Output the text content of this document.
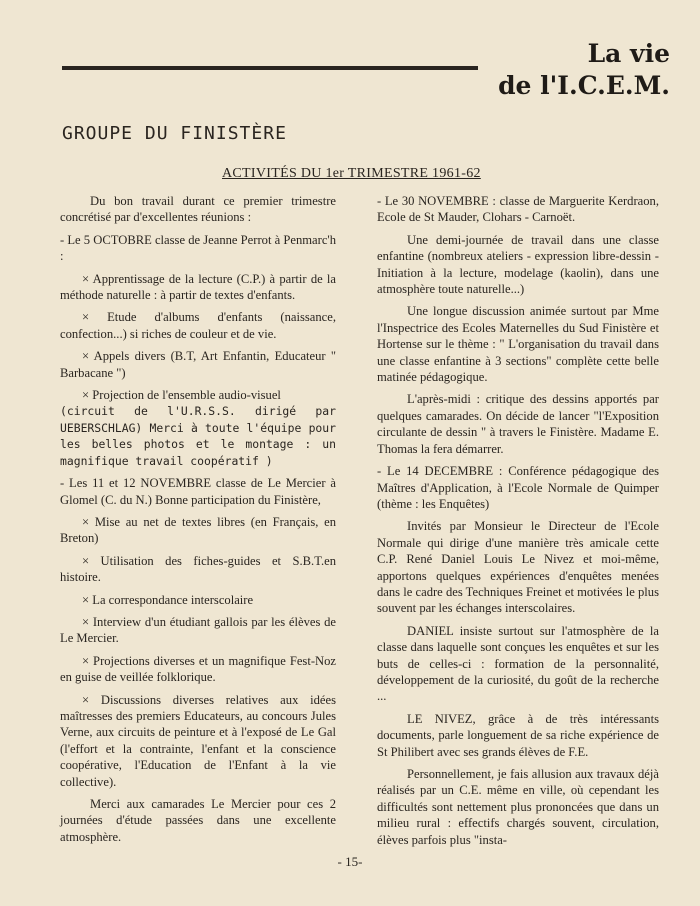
La vie
de l'I.C.E.M.
GROUPE DU FINISTÈRE
ACTIVITÉS DU 1er TRIMESTRE 1961-62

Du bon travail durant ce premier trimestre concrétisé par d'excellentes réunions :

- Le 5 OCTOBRE classe de Jeanne Perrot à Penmarc'h :

× Apprentissage de la lecture (C.P.) à partir de la méthode naturelle : à partir de textes d'enfants.

× Etude d'albums d'enfants (naissance, confection...) si riches de couleur et de vie.

× Appels divers (B.T, Art Enfantin, Educateur " Barbacane ")

× Projection de l'ensemble audio-visuel

(circuit de l'U.R.S.S. dirigé par UEBERSCHLAG) Merci à toute l'équipe pour les belles photos et le montage : un magnifique travail coopératif )

- Les 11 et 12 NOVEMBRE classe de Le Mercier à Glomel (C. du N.) Bonne participation du Finistère,

× Mise au net de textes libres (en Français, en Breton)

× Utilisation des fiches-guides et S.B.T.en histoire.

× La correspondance interscolaire

× Interview d'un étudiant gallois par les élèves de Le Mercier.

× Projections diverses et un magnifique Fest-Noz en guise de veillée folklorique.

× Discussions diverses relatives aux idées maîtresses des premiers Educateurs, au concours Jules Verne, aux circuits de peinture et à l'exposé de Le Gal (l'effort et la contrainte, l'enfant et la conscience coopérative, l'Education de l'Enfant à la vie collective).

Merci aux camarades Le Mercier pour ces 2 journées d'étude passées dans une excellente atmosphère.

- Le 30 NOVEMBRE : classe de Marguerite Kerdraon, Ecole de St Mauder, Clohars - Carnoët.

Une demi-journée de travail dans une classe enfantine (nombreux ateliers - expression libre-dessin - Initiation à la lecture, modelage (kaolin), dans une atmosphère toute naturelle...)

Une longue discussion animée surtout par Mme l'Inspectrice des Ecoles Maternelles du Sud Finistère et Hortense sur le thème : " L'organisation du travail dans une classe enfantine à 3 sections" complète cette belle matinée pédagogique.

L'après-midi : critique des dessins apportés par quelques camarades. On décide de lancer "l'Exposition circulante de dessin " à travers le Finistère. Madame E. Thomas la fera démarrer.

- Le 14 DECEMBRE : Conférence pédagogique des Maîtres d'Application, à l'Ecole Normale de Quimper (thème : les Enquêtes)

Invités par Monsieur le Directeur de l'Ecole Normale qui dirige d'une manière très amicale cette C.P. René Daniel Louis Le Nivez et moi-même, apportons quelques expériences d'enquêtes menées dans le cadre des Techniques Freinet et motivées le plus souvent par les échanges interscolaires.

DANIEL insiste surtout sur l'atmosphère de la classe dans laquelle sont conçues les enquêtes et sur les buts de celles-ci : formation de la personnalité, développement de la curiosité, du goût de la recherche ...

LE NIVEZ, grâce à de très intéressants documents, parle longuement de sa riche expérience de St Philibert avec ses grands élèves de F.E.

Personnellement, je fais allusion aux travaux déjà réalisés par un C.E. même en ville, où cependant les difficultés sont nettement plus prononcées que dans un milieu rural : effectifs chargés souvent, circulation, élèves parfois plus "insta-

- 15-
